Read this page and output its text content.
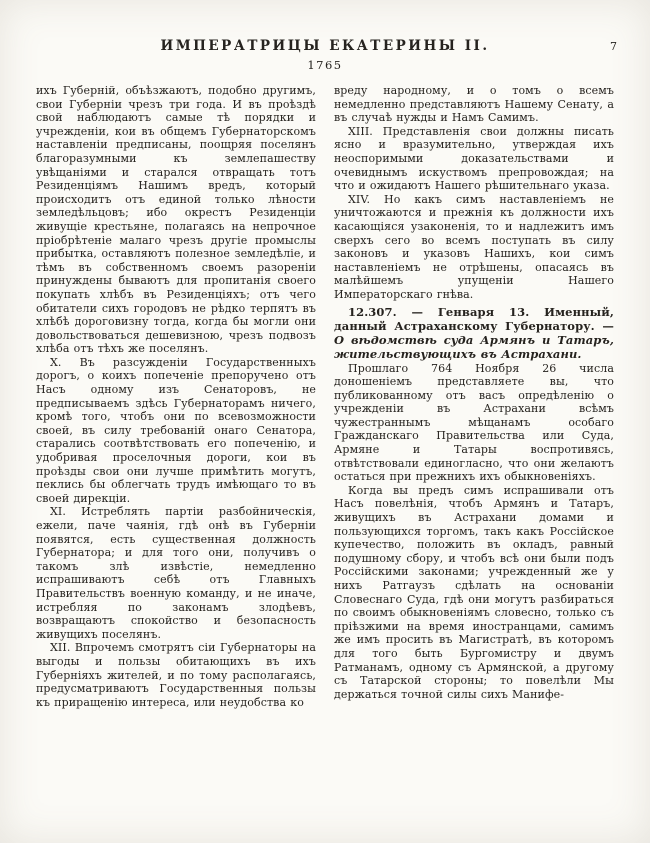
ИМПЕРАТРИЦЫ ЕКАТЕРИНЫ II.	7
1765

ихъ Губерній, объѣзжаютъ, подобно другимъ, свои Губерніи чрезъ три года. И въ проѣздѣ свой наблюдаютъ самые тѣ порядки и учрежденіи, кои въ общемъ Губернаторскомъ наставленіи предписаны, поощряя поселянъ благоразумными къ землепашеству увѣщаніями и старался отвращать тотъ Резиденціямъ Нашимъ вредъ, который происходитъ отъ единой только лѣности земледѣльцовъ; ибо окрестъ Резиденціи живущіе крестьяне, полагаясь на непрочное пріобрѣтеніе малаго чрезъ другіе промыслы прибытка, оставляютъ полезное земледѣліе, и тѣмъ въ собственномъ своемъ разореніи принуждены бываютъ для пропитанія своего покупать хлѣбъ въ Резиденціяхъ; отъ чего обитатели сихъ городовъ не рѣдко терпятъ въ хлѣбѣ дороговизну тогда, когда бы могли они довольствоваться дешевизною, чрезъ подвозъ хлѣба отъ тѣхъ же поселянъ.

X. Въ разсужденіи Государственныхъ дорогъ, о коихъ попеченіе препоручено отъ Насъ одному изъ Сенаторовъ, не предписываемъ здѣсь Губернаторамъ ничего, кромѣ того, чтобъ они по всевозможности своей, въ силу требованій онаго Сенатора, старались соотвѣтствовать его попеченію, и удобривая проселочныя дороги, кои въ проѣзды свои они лучше примѣтить могутъ, пеклись бы облегчать трудъ имѣющаго то въ своей дирекціи.

XI. Истреблять партіи разбойническія, ежели, паче чаянія, гдѣ онѣ въ Губерніи появятся, есть существенная должность Губернатора; и для того они, получивъ о такомъ злѣ извѣстіе, немедленно испрашиваютъ себѣ отъ Главныхъ Правительствъ военную команду, и не иначе, истребляя по законамъ злодѣевъ, возвращаютъ спокойство и безопасность живущихъ поселянъ.

XII. Впрочемъ смотрятъ сіи Губернаторы на выгоды и пользы обитающихъ въ ихъ Губерніяхъ жителей, и по тому располагаясь, предусматриваютъ Государственныя пользы къ приращенію интереса, или неудобства ко

вреду народному, и о томъ о всемъ немедленно представляютъ Нашему Сенату, а въ случаѣ нужды и Намъ Самимъ.

XIII. Представленія свои должны писать ясно и вразумительно, утверждая ихъ неоспоримыми доказательствами и очевиднымъ искуствомъ препровождая; на что и ожидаютъ Нашего рѣшительнаго указа.

XIV. Но какъ симъ наставленіемъ не уничтожаются и прежнія къ должности ихъ касающіяся узаконенія, то и надлежитъ имъ сверхъ сего во всемъ поступать въ силу законовъ и указовъ Нашихъ, кои симъ наставленіемъ не отрѣшены, опасаясь въ малѣйшемъ упущеніи Нашего Императорскаго гнѣва.

12.307. — Генваря 13. Именный, данный Астраханскому Губернатору. — О вѣдомствѣ суда Армянъ и Татаръ, жительствующихъ въ Астрахани.

Прошлаго 764 Ноября 26 числа доношеніемъ представляете вы, что публикованному отъ васъ опредѣленію о учрежденіи въ Астрахани всѣмъ чужестраннымъ мѣщанамъ особаго Гражданскаго Правительства или Суда, Армяне и Татары воспротивясь, отвѣтствовали единогласно, что они желаютъ остаться при прежнихъ ихъ обыкновеніяхъ.

Когда вы предъ симъ испрашивали отъ Насъ повелѣнія, чтобъ Армянъ и Татаръ, живущихъ въ Астрахани домами и пользующихся торгомъ, такъ какъ Россійское купечество, положить въ окладъ, равный подушному сбору, и чтобъ всѣ они были подъ Россійскими законами; учрежденный же у нихъ Ратгаузъ сдѣлать на основаніи Словеснаго Суда, гдѣ они могутъ разбираться по своимъ обыкновеніямъ словесно, только съ пріѣзжими на время иностранцами, самимъ же имъ просить въ Магистратѣ, въ которомъ для того быть Бургомистру и двумъ Ратманамъ, одному съ Армянской, а другому съ Татарской стороны; то повелѣли Мы держаться точной силы сихъ Манифе-
